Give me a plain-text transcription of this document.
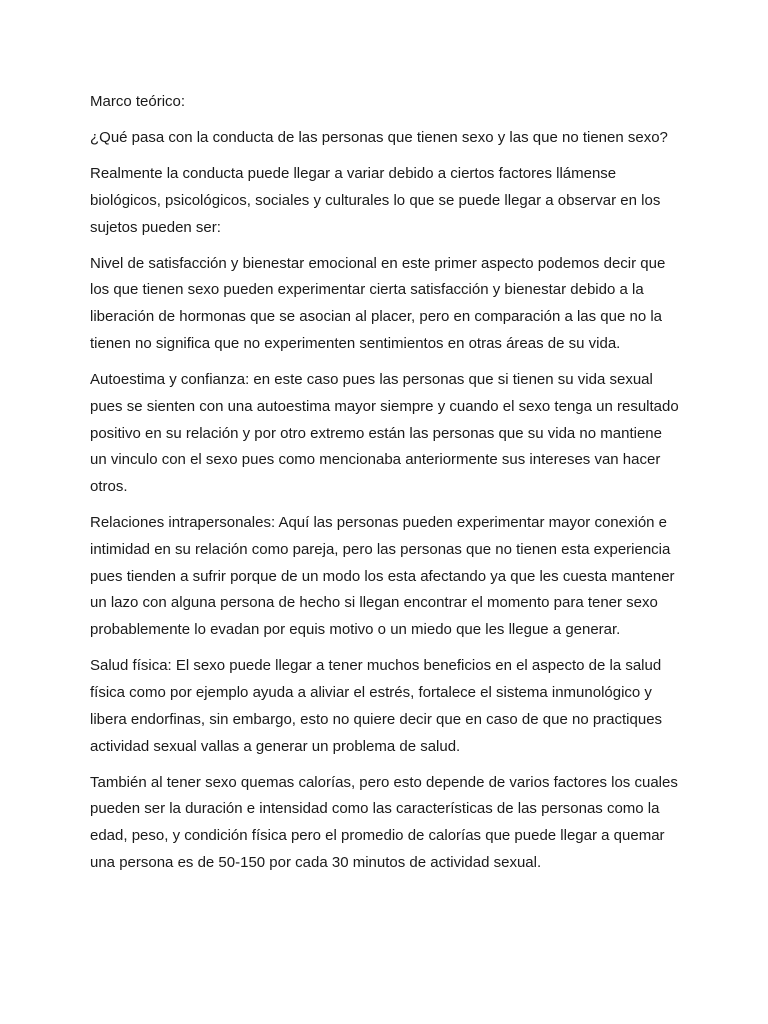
Marco teórico:

¿Qué pasa con la conducta de las personas que tienen sexo y las que no tienen sexo?

Realmente la conducta puede llegar a variar debido a ciertos factores llámense biológicos, psicológicos, sociales y culturales lo que se puede llegar a observar en los sujetos pueden ser:

Nivel de satisfacción y bienestar emocional en este primer aspecto podemos decir que los que tienen sexo pueden experimentar cierta satisfacción y bienestar debido a la liberación de hormonas que se asocian al placer, pero en comparación a las que no la tienen no significa que no experimenten sentimientos en otras áreas de su vida.

Autoestima y confianza: en este caso pues las personas que si tienen su vida sexual pues se sienten con una autoestima mayor siempre y cuando el sexo tenga un resultado positivo en su relación y por otro extremo están las personas que su vida no mantiene un vinculo con el sexo pues como mencionaba anteriormente sus intereses van hacer otros.

Relaciones intrapersonales: Aquí las personas pueden experimentar mayor conexión e intimidad en su relación como pareja, pero las personas que no tienen esta experiencia pues tienden a sufrir porque de un modo los esta afectando ya que les cuesta mantener un lazo con alguna persona de hecho si llegan encontrar el momento para tener sexo probablemente lo evadan por equis motivo o un miedo que les llegue a generar.

Salud física: El sexo puede llegar a tener muchos beneficios en el aspecto de la salud física como por ejemplo ayuda a aliviar el estrés, fortalece el sistema inmunológico y libera endorfinas, sin embargo, esto no quiere decir que en caso de que no practiques actividad sexual vallas a generar un problema de salud.

También al tener sexo quemas calorías, pero esto depende de varios factores los cuales pueden ser la duración e intensidad como las características de las personas como la edad, peso, y condición física pero el promedio de calorías que puede llegar a quemar una persona es de 50-150 por cada 30 minutos de actividad sexual.
